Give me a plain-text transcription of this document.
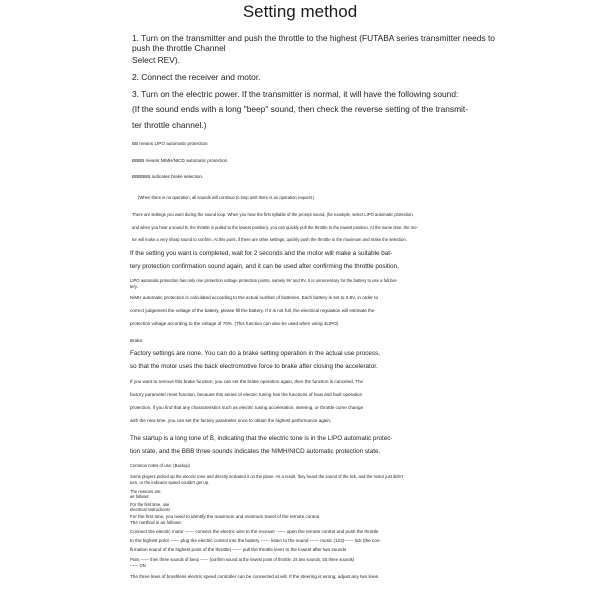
Setting method
1. Turn on the transmitter and push the throttle to the highest (FUTABA series transmitter needs to
push the throttle Channel
Select REV).
2. Connect the receiver and motor.
3. Turn on the electric power. If the transmitter is normal, it will have the following sound:
(If the sound ends with a long "beep" sound, then check the reverse setting of the transmit-
ter throttle channel.)
BB means LIPO automatic protection
BBBB means NIMH/NICD automatic protection
BBBBBB indicates brake selection.
(When there is no operation, all sounds will continue to loop until there is an operation request.)
There are settings you want during the sound loop. When you hear the first syllable of the prompt sound, (for example, select LIPO automatic protection,
and when you hear a sound B, the throttle is pulled to the lowest position), you can quickly pull the throttle to the lowest position. At the same time, the mo-
tor will make a very sharp sound to confirm. At this point, if there are other settings, quickly push the throttle to the maximum and make the selection.
If the setting you want is completed, wait for 2 seconds and the motor will make a suitable bat-
tery protection confirmation sound again, and it can be used after confirming the throttle position.
LIPO automatic protection has only one protection voltage protection points, namely 9V and 9V. It is unnecessary for the battery to use a full bar-
tery.
NiMH automatic protection is calculated according to the actual number of batteries. Each battery is set to 0.8V, in order to
correct judgement the voltage of the battery, please fill the battery. If it is not full, the electrical regulation will estimate the
protection voltage according to the voltage of 70%. (This function can also be used when using 4LIPO)
Brake:
Factory settings are none. You can do a brake setting operation in the actual use process,
so that the motor uses the back electromotive force to brake after closing the accelerator.
If you want to remove this brake function, you can set the brake operation again, then the function is canceled. The
factory parameter reset function, because this series of electric tuning has the functions of heat and fault operation
protection, if you find that any characteristics such as electric tuning acceleration, steering, or throttle curve change
with the new time, you can set the factory parameter once to obtain the highest performance again.
The startup is a long tone of B, indicating that the electric tone is in the LIPO automatic protec-
tion state, and the BBB three sounds indicates the NIMH/NICD automatic protection state.
Common notes of use: (Backup)
Some players picked up the electric tone and directly activated it on the plane. As a result, they heard the sound of the tick, and the motor just didn't
turn, or the indicator speed couldn't get up.
The reasons are:
as follows:
For the first time, use
electrical instructions!
For the first time, you need to identify the maximum and minimum travel of the remote control.
The method is as follows:
Connect the electric motor ------ connect the electric wire to the receiver ------ open the remote control and push the throttle
to the highest point ------ plug the electric control into the battery ------ listen to the sound ------ music (123)------ tick (the con-
firmation sound of the highest point of the throttle) ------ pull the throttle lever to the lowest after two sounds
Point ------ then three sounds of beep ------ (confirm sound at the lowest point of throttle, 2s two sounds, 3S three sounds)
------ ON
The three lines of brushless electric speed controller can be connected at will. If the steering is wrong, adjust any two lines.
